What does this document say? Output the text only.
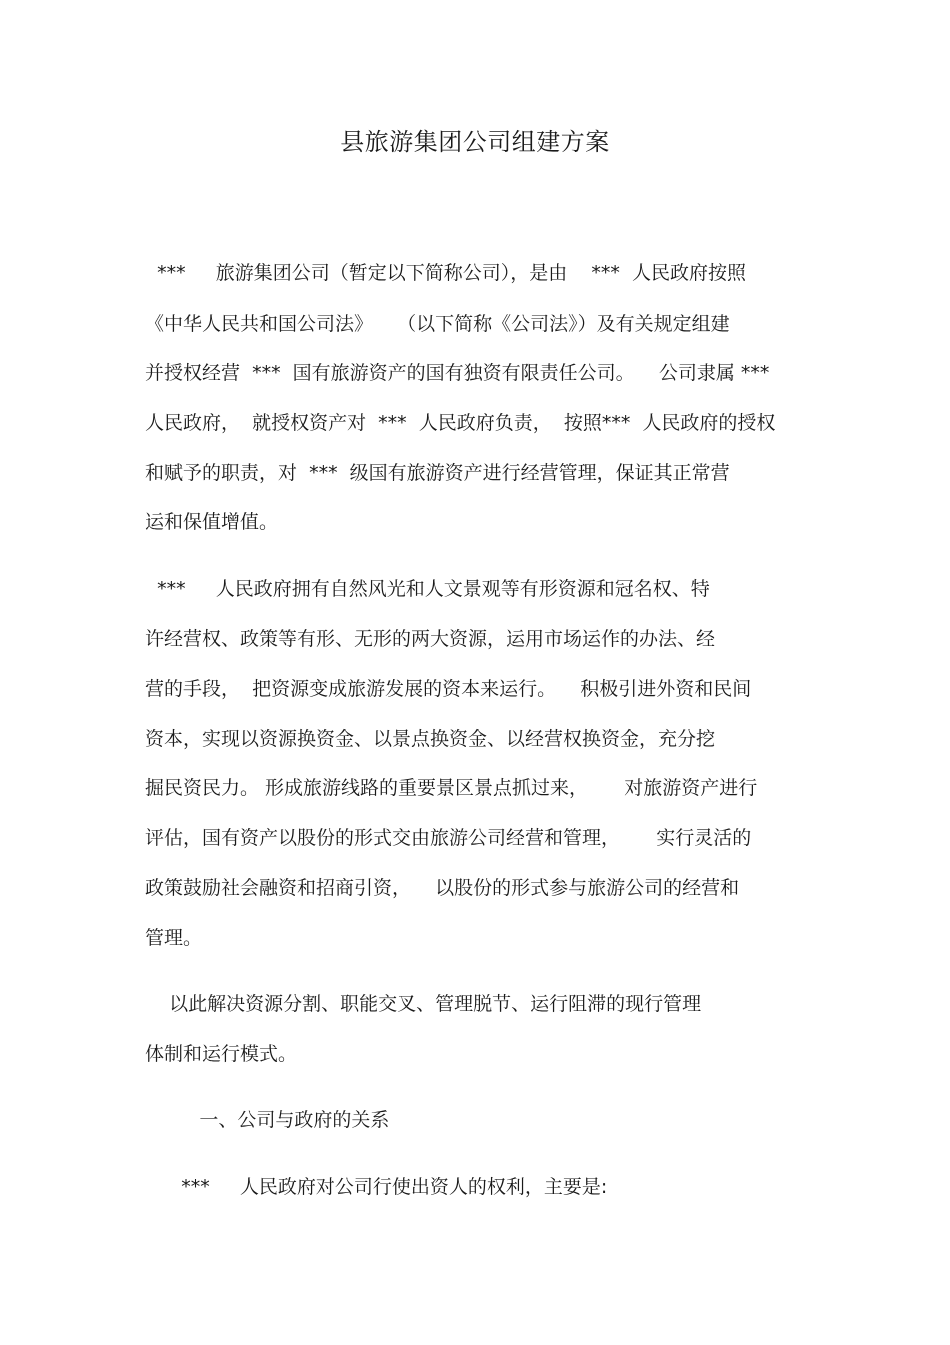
县旅游集团公司组建方案
***     旅游集团公司（暂定以下简称公司），是由    ***  人民政府按照
《中华人民共和国公司法》    （以下简称《公司法》）及有关规定组建
并授权经营  ***  国有旅游资产的国有独资有限责任公司。    公司隶属 ***
人民政府，  就授权资产对  ***  人民政府负责，  按照***  人民政府的授权
和赋予的职责，对  ***  级国有旅游资产进行经营管理，保证其正常营
运和保值增值。
***     人民政府拥有自然风光和人文景观等有形资源和冠名权、特
许经营权、政策等有形、无形的两大资源，运用市场运作的办法、经
营的手段，  把资源变成旅游发展的资本来运行。    积极引进外资和民间
资本，实现以资源换资金、以景点换资金、以经营权换资金，充分挖
掘民资民力。 形成旅游线路的重要景区景点抓过来，      对旅游资产进行
评估，国有资产以股份的形式交由旅游公司经营和管理，      实行灵活的
政策鼓励社会融资和招商引资，    以股份的形式参与旅游公司的经营和
管理。
以此解决资源分割、职能交叉、管理脱节、运行阻滞的现行管理
体制和运行模式。
一、公司与政府的关系
***     人民政府对公司行使出资人的权利，主要是:
